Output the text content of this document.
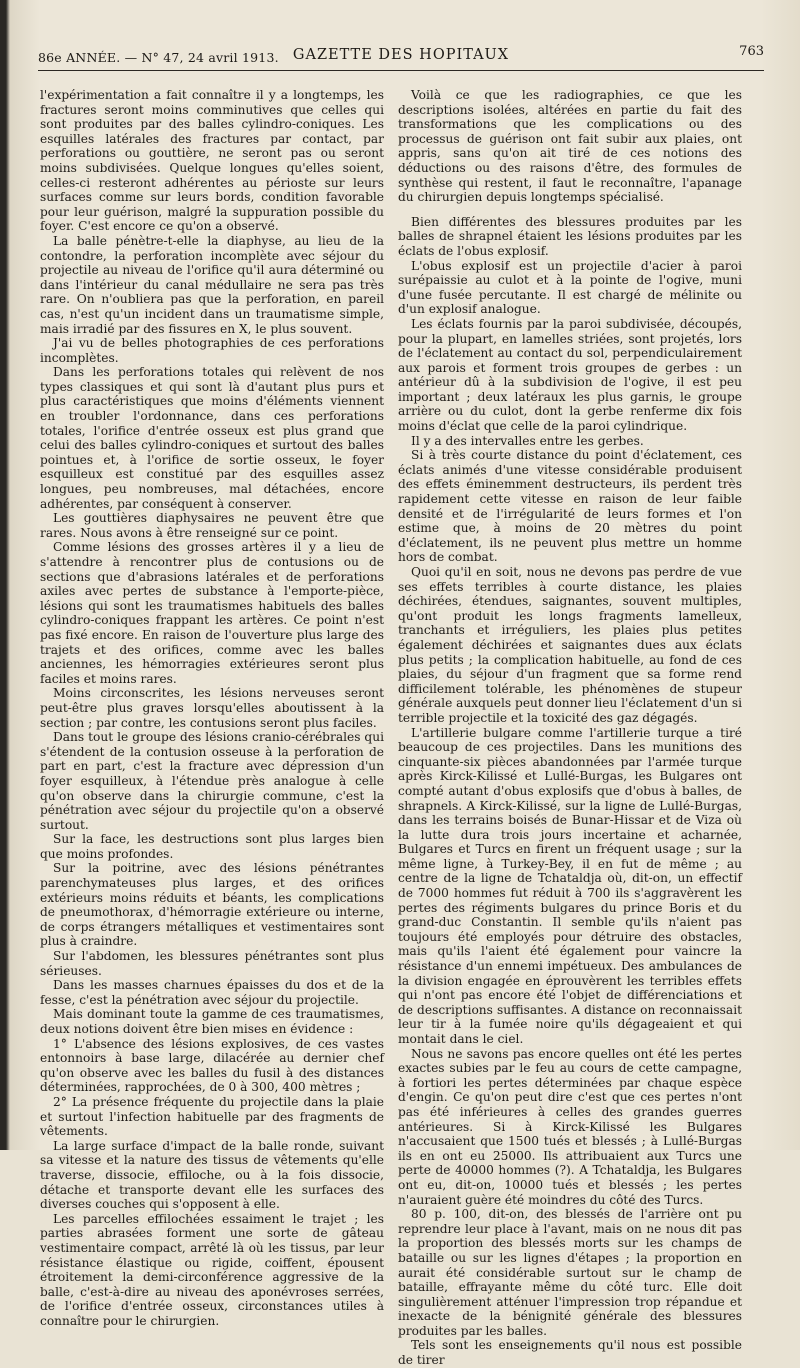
86e ANNÉE. — N° 47, 24 avril 1913. GAZETTE DES HOPITAUX	763

l'expérimentation a fait connaître il y a longtemps, les fractures seront moins comminutives que celles qui sont produites par des balles cylindro-coniques. Les esquilles latérales des fractures par contact, par perforations ou gouttière, ne seront pas ou seront moins subdivisées. Quelque longues qu'elles soient, celles-ci resteront adhérentes au périoste sur leurs surfaces comme sur leurs bords, condition favorable pour leur guérison, malgré la suppuration possible du foyer. C'est encore ce qu'on a observé.

La balle pénètre-t-elle la diaphyse, au lieu de la contondre, la perforation incomplète avec séjour du projectile au niveau de l'orifice qu'il aura déterminé ou dans l'intérieur du canal médullaire ne sera pas très rare. On n'oubliera pas que la perforation, en pareil cas, n'est qu'un incident dans un traumatisme simple, mais irradié par des fissures en X, le plus souvent.

J'ai vu de belles photographies de ces perforations incomplètes.

Dans les perforations totales qui relèvent de nos types classiques et qui sont là d'autant plus purs et plus caractéristiques que moins d'éléments viennent en troubler l'ordonnance, dans ces perforations totales, l'orifice d'entrée osseux est plus grand que celui des balles cylindro-coniques et surtout des balles pointues et, à l'orifice de sortie osseux, le foyer esquilleux est constitué par des esquilles assez longues, peu nombreuses, mal détachées, encore adhérentes, par conséquent à conserver.

Les gouttières diaphysaires ne peuvent être que rares. Nous avons à être renseigné sur ce point.

Comme lésions des grosses artères il y a lieu de s'attendre à rencontrer plus de contusions ou de sections que d'abrasions latérales et de perforations axiles avec pertes de substance à l'emporte-pièce, lésions qui sont les traumatismes habituels des balles cylindro-coniques frappant les artères. Ce point n'est pas fixé encore. En raison de l'ouverture plus large des trajets et des orifices, comme avec les balles anciennes, les hémorragies extérieures seront plus faciles et moins rares.

Moins circonscrites, les lésions nerveuses seront peut-être plus graves lorsqu'elles aboutissent à la section ; par contre, les contusions seront plus faciles.

Dans tout le groupe des lésions cranio-cérébrales qui s'étendent de la contusion osseuse à la perforation de part en part, c'est la fracture avec dépression d'un foyer esquilleux, à l'étendue près analogue à celle qu'on observe dans la chirurgie commune, c'est la pénétration avec séjour du projectile qu'on a observé surtout.

Sur la face, les destructions sont plus larges bien que moins profondes.

Sur la poitrine, avec des lésions pénétrantes parenchymateuses plus larges, et des orifices extérieurs moins réduits et béants, les complications de pneumothorax, d'hémorragie extérieure ou interne, de corps étrangers métalliques et vestimentaires sont plus à craindre.

Sur l'abdomen, les blessures pénétrantes sont plus sérieuses.

Dans les masses charnues épaisses du dos et de la fesse, c'est la pénétration avec séjour du projectile.

Mais dominant toute la gamme de ces traumatismes, deux notions doivent être bien mises en évidence :

1° L'absence des lésions explosives, de ces vastes entonnoirs à base large, dilacérée au dernier chef qu'on observe avec les balles du fusil à des distances déterminées, rapprochées, de 0 à 300, 400 mètres ;

2° La présence fréquente du projectile dans la plaie et surtout l'infection habituelle par des fragments de vêtements.

La large surface d'impact de la balle ronde, suivant sa vitesse et la nature des tissus de vêtements qu'elle traverse, dissocie, effiloche, ou à la fois dissocie, détache et transporte devant elle les surfaces des diverses couches qui s'opposent à elle.

Les parcelles effilochées essaiment le trajet ; les parties abrasées forment une sorte de gâteau vestimentaire compact, arrêté là où les tissus, par leur résistance élastique ou rigide, coiffent, épousent étroitement la demi-circonférence aggressive de la balle, c'est-à-dire au niveau des aponévroses serrées, de l'orifice d'entrée osseux, circonstances utiles à connaître pour le chirurgien.

Voilà ce que les radiographies, ce que les descriptions isolées, altérées en partie du fait des transformations que les complications ou des processus de guérison ont fait subir aux plaies, ont appris, sans qu'on ait tiré de ces notions des déductions ou des raisons d'être, des formules de synthèse qui restent, il faut le reconnaître, l'apanage du chirurgien depuis longtemps spécialisé.

Bien différentes des blessures produites par les balles de shrapnel étaient les lésions produites par les éclats de l'obus explosif.

L'obus explosif est un projectile d'acier à paroi surépaissie au culot et à la pointe de l'ogive, muni d'une fusée percutante. Il est chargé de mélinite ou d'un explosif analogue.

Les éclats fournis par la paroi subdivisée, découpés, pour la plupart, en lamelles striées, sont projetés, lors de l'éclatement au contact du sol, perpendiculairement aux parois et forment trois groupes de gerbes : un antérieur dû à la subdivision de l'ogive, il est peu important ; deux latéraux les plus garnis, le groupe arrière ou du culot, dont la gerbe renferme dix fois moins d'éclat que celle de la paroi cylindrique.

Il y a des intervalles entre les gerbes.

Si à très courte distance du point d'éclatement, ces éclats animés d'une vitesse considérable produisent des effets éminemment destructeurs, ils perdent très rapidement cette vitesse en raison de leur faible densité et de l'irrégularité de leurs formes et l'on estime que, à moins de 20 mètres du point d'éclatement, ils ne peuvent plus mettre un homme hors de combat.

Quoi qu'il en soit, nous ne devons pas perdre de vue ses effets terribles à courte distance, les plaies déchirées, étendues, saignantes, souvent multiples, qu'ont produit les longs fragments lamelleux, tranchants et irréguliers, les plaies plus petites également déchirées et saignantes dues aux éclats plus petits ; la complication habituelle, au fond de ces plaies, du séjour d'un fragment que sa forme rend difficilement tolérable, les phénomènes de stupeur générale auxquels peut donner lieu l'éclatement d'un si terrible projectile et la toxicité des gaz dégagés.

L'artillerie bulgare comme l'artillerie turque a tiré beaucoup de ces projectiles. Dans les munitions des cinquante-six pièces abandonnées par l'armée turque après Kirck-Kilissé et Lullé-Burgas, les Bulgares ont compté autant d'obus explosifs que d'obus à balles, de shrapnels. A Kirck-Kilissé, sur la ligne de Lullé-Burgas, dans les terrains boisés de Bunar-Hissar et de Viza où la lutte dura trois jours incertaine et acharnée, Bulgares et Turcs en firent un fréquent usage ; sur la même ligne, à Turkey-Bey, il en fut de même ; au centre de la ligne de Tchataldja où, dit-on, un effectif de 7000 hommes fut réduit à 700 ils s'aggravèrent les pertes des régiments bulgares du prince Boris et du grand-duc Constantin. Il semble qu'ils n'aient pas toujours été employés pour détruire des obstacles, mais qu'ils l'aient été également pour vaincre la résistance d'un ennemi impétueux. Des ambulances de la division engagée en éprouvèrent les terribles effets qui n'ont pas encore été l'objet de différenciations et de descriptions suffisantes. A distance on reconnaissait leur tir à la fumée noire qu'ils dégageaient et qui montait dans le ciel.

Nous ne savons pas encore quelles ont été les pertes exactes subies par le feu au cours de cette campagne, à fortiori les pertes déterminées par chaque espèce d'engin. Ce qu'on peut dire c'est que ces pertes n'ont pas été inférieures à celles des grandes guerres antérieures. Si à Kirck-Kilissé les Bulgares n'accusaient que 1500 tués et blessés ; à Lullé-Burgas ils en ont eu 25000. Ils attribuaient aux Turcs une perte de 40000 hommes (?). A Tchataldja, les Bulgares ont eu, dit-on, 10000 tués et blessés ; les pertes n'auraient guère été moindres du côté des Turcs.

80 p. 100, dit-on, des blessés de l'arrière ont pu reprendre leur place à l'avant, mais on ne nous dit pas la proportion des blessés morts sur les champs de bataille ou sur les lignes d'étapes ; la proportion en aurait été considérable surtout sur le champ de bataille, effrayante même du côté turc. Elle doit singulièrement atténuer l'impression trop répandue et inexacte de la bénignité générale des blessures produites par les balles.

Tels sont les enseignements qu'il nous est possible de tirer
